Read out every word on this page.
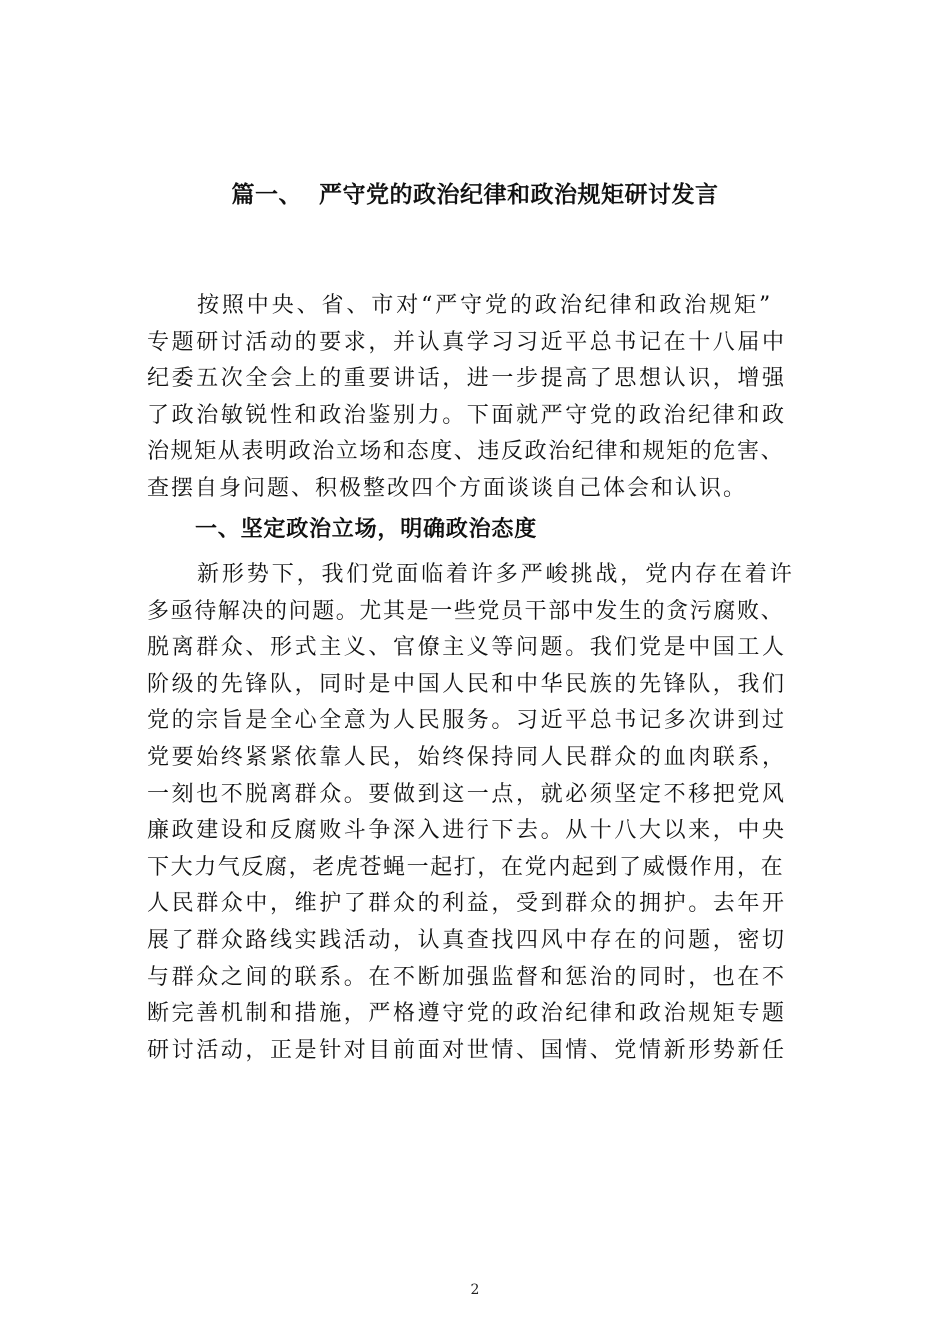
篇一、  严守党的政治纪律和政治规矩研讨发言
按照中央、省、市对“严守党的政治纪律和政治规矩”
专题研讨活动的要求，并认真学习习近平总书记在十八届中
纪委五次全会上的重要讲话，进一步提高了思想认识，增强
了政治敏锐性和政治鉴别力。下面就严守党的政治纪律和政
治规矩从表明政治立场和态度、违反政治纪律和规矩的危害、
查摆自身问题、积极整改四个方面谈谈自己体会和认识。
一、坚定政治立场，明确政治态度
新形势下，我们党面临着许多严峻挑战，党内存在着许
多亟待解决的问题。尤其是一些党员干部中发生的贪污腐败、
脱离群众、形式主义、官僚主义等问题。我们党是中国工人
阶级的先锋队，同时是中国人民和中华民族的先锋队，我们
党的宗旨是全心全意为人民服务。习近平总书记多次讲到过
党要始终紧紧依靠人民，始终保持同人民群众的血肉联系，
一刻也不脱离群众。要做到这一点，就必须坚定不移把党风
廉政建设和反腐败斗争深入进行下去。从十八大以来，中央
下大力气反腐，老虎苍蝇一起打，在党内起到了威慑作用，在
人民群众中，维护了群众的利益，受到群众的拥护。去年开
展了群众路线实践活动，认真查找四风中存在的问题，密切
与群众之间的联系。在不断加强监督和惩治的同时，也在不
断完善机制和措施，严格遵守党的政治纪律和政治规矩专题
研讨活动，正是针对目前面对世情、国情、党情新形势新任
2
